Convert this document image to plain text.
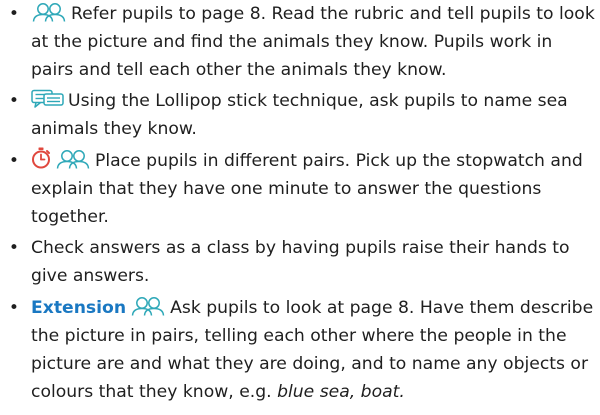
•	Refer pupils to page 8. Read the rubric and tell pupils to look at the picture and find the animals they know. Pupils work in pairs and tell each other the animals they know.
•	Using the Lollipop stick technique, ask pupils to name sea animals they know.
•	Place pupils in different pairs. Pick up the stopwatch and explain that they have one minute to answer the questions together.
• Check answers as a class by having pupils raise their hands to give answers.
• Extension	Ask pupils to look at page 8. Have them describe the picture in pairs, telling each other where the people in the picture are and what they are doing, and to name any objects or colours that they know, e.g. blue sea, boat.
